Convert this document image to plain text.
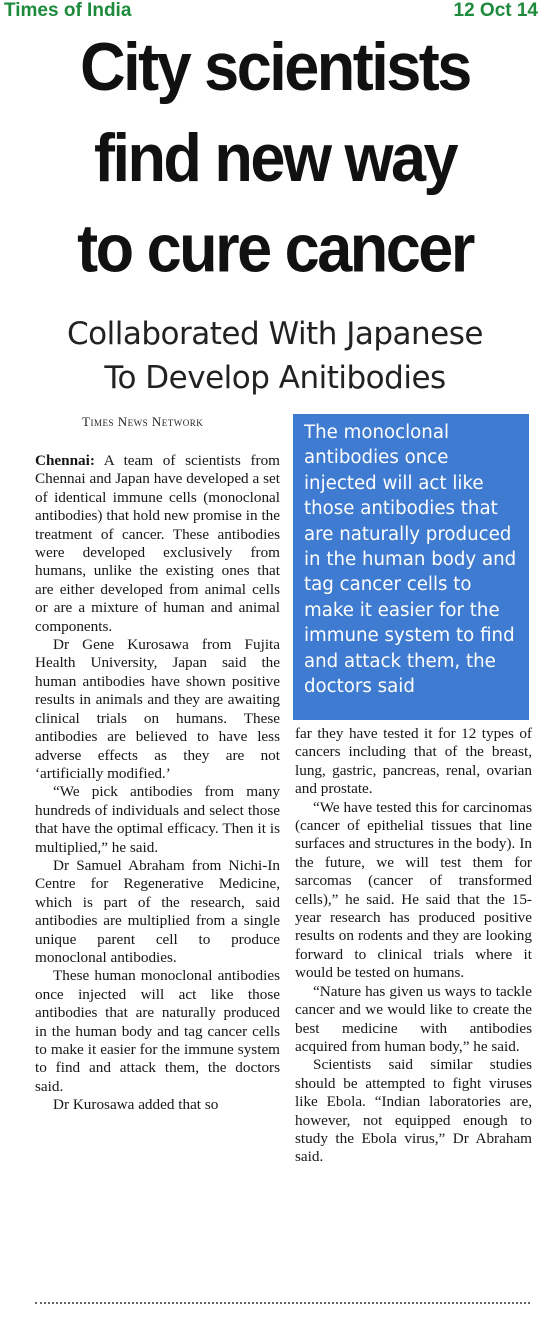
Times of India	12 Oct 14
City scientists
find new way
to cure cancer
Collaborated With Japanese
To Develop Anitibodies
Times News Network
The monoclonal antibodies once injected will act like those antibodies that are naturally produced in the human body and tag cancer cells to make it easier for the immune system to find and attack them, the doctors said

Chennai: A team of scientists from Chennai and Japan have developed a set of identical immune cells (monoclonal antibodies) that hold new promise in the treatment of cancer. These antibodies were developed exclusively from humans, unlike the existing ones that are either developed from animal cells or are a mixture of human and animal components.

Dr Gene Kurosawa from Fujita Health University, Japan said the human antibodies have shown positive results in animals and they are awaiting clinical trials on humans. These antibodies are believed to have less adverse effects as they are not ‘artificially modified.’

“We pick antibodies from many hundreds of individuals and select those that have the optimal efficacy. Then it is multiplied,” he said.

Dr Samuel Abraham from Nichi-In Centre for Regenerative Medicine, which is part of the research, said antibodies are multiplied from a single unique parent cell to produce monoclonal antibodies.

These human monoclonal antibodies once injected will act like those antibodies that are naturally produced in the human body and tag cancer cells to make it easier for the immune system to find and attack them, the doctors said.

Dr Kurosawa added that so

far they have tested it for 12 types of cancers including that of the breast, lung, gastric, pancreas, renal, ovarian and prostate.

“We have tested this for carcinomas (cancer of epithelial tissues that line surfaces and structures in the body). In the future, we will test them for sarcomas (cancer of transformed cells),” he said. He said that the 15-year research has produced positive results on rodents and they are looking forward to clinical trials where it would be tested on humans.

“Nature has given us ways to tackle cancer and we would like to create the best medicine with antibodies acquired from human body,” he said.

Scientists said similar studies should be attempted to fight viruses like Ebola. “Indian laboratories are, however, not equipped enough to study the Ebola virus,” Dr Abraham said.
